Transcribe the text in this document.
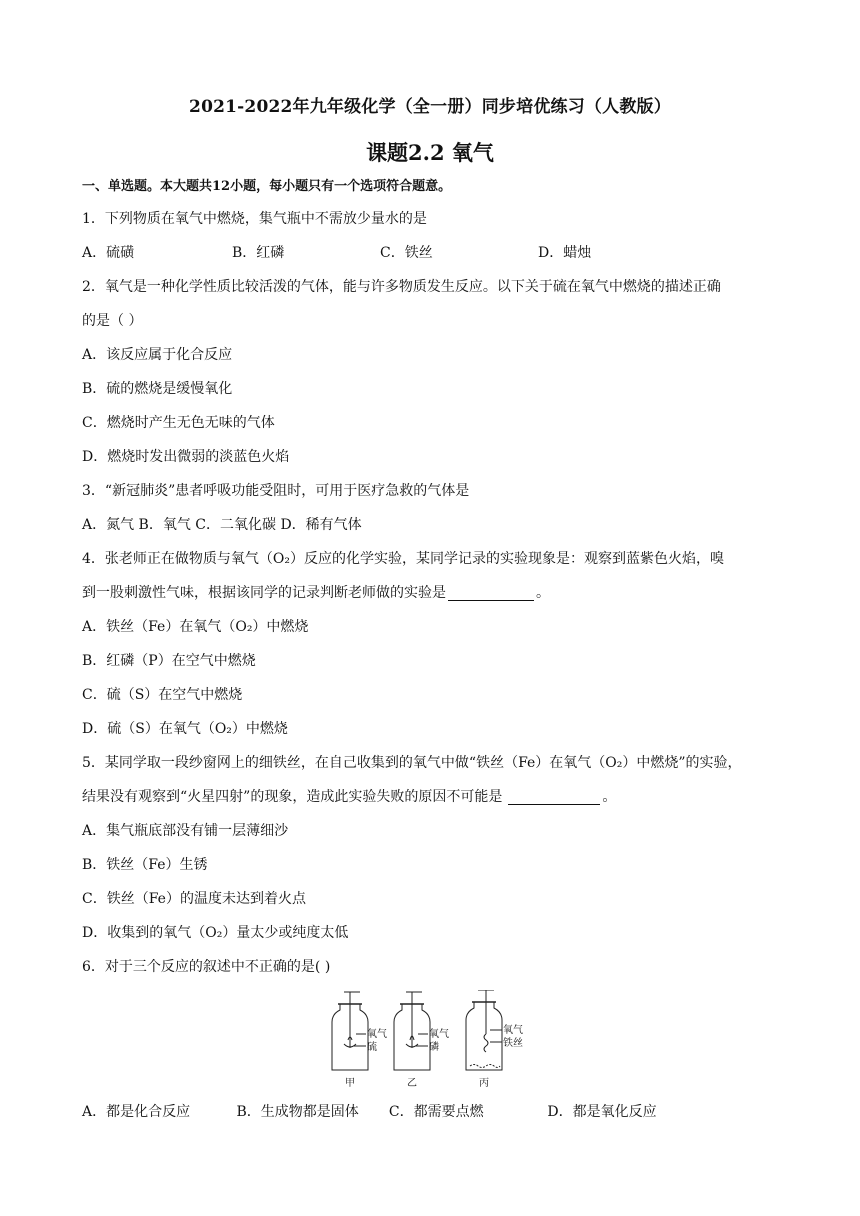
2021-2022年九年级化学（全一册）同步培优练习（人教版）
课题2.2 氧气
一、单选题。本大题共12小题，每小题只有一个选项符合题意。
1．下列物质在氧气中燃烧，集气瓶中不需放少量水的是
A．硫磺	B．红磷	C．铁丝	D．蜡烛
2．氧气是一种化学性质比较活泼的气体，能与许多物质发生反应。以下关于硫在氧气中燃烧的描述正确
的是（ ）
A．该反应属于化合反应
B．硫的燃烧是缓慢氧化
C．燃烧时产生无色无味的气体
D．燃烧时发出微弱的淡蓝色火焰
3．“新冠肺炎”患者呼吸功能受阻时，可用于医疗急救的气体是
A．氮气 B．氧气 C．二氧化碳 D．稀有气体
4．张老师正在做物质与氧气（O₂）反应的化学实验，某同学记录的实验现象是：观察到蓝紫色火焰，嗅
到一股刺激性气味，根据该同学的记录判断老师做的实验是	。
A．铁丝（Fe）在氧气（O₂）中燃烧
B．红磷（P）在空气中燃烧
C．硫（S）在空气中燃烧
D．硫（S）在氧气（O₂）中燃烧
5．某同学取一段纱窗网上的细铁丝，在自己收集到的氧气中做“铁丝（Fe）在氧气（O₂）中燃烧”的实验，
结果没有观察到“火星四射”的现象，造成此实验失败的原因不可能是	。
A．集气瓶底部没有铺一层薄细沙
B．铁丝（Fe）生锈
C．铁丝（Fe）的温度未达到着火点
D．收集到的氧气（O₂）量太少或纯度太低
6．对于三个反应的叙述中不正确的是( )
氧气
硫
氧气
磷
氧气
铁丝
甲	乙	丙
A．都是化合反应	B．生成物都是固体 C．都需要点燃	D．都是氧化反应
